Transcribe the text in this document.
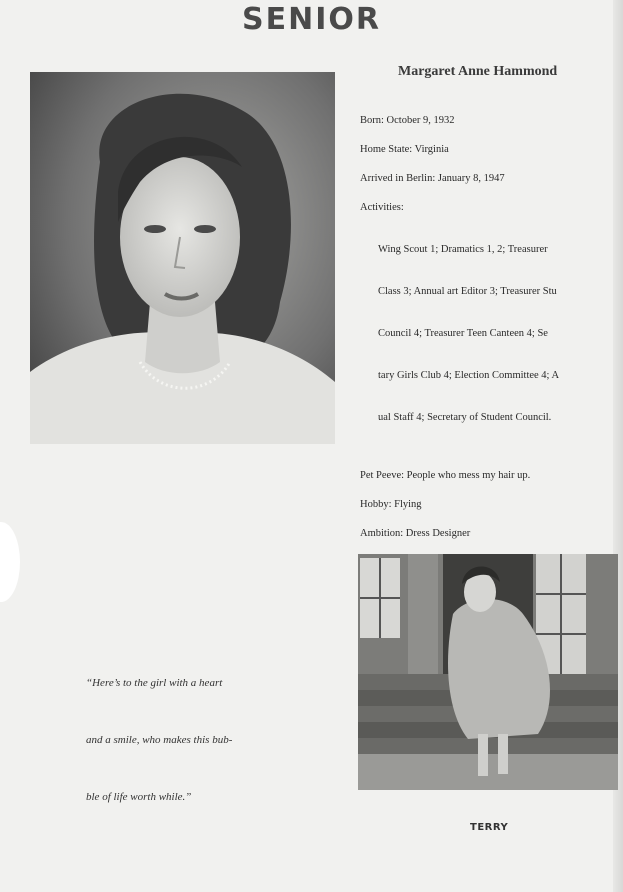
SENIOR
Margaret Anne Hammond
Born: October 9, 1932
Home State: Virginia
Arrived in Berlin: January 8, 1947
Activities:

Wing Scout 1; Dramatics 1, 2; Treasurer

Class 3; Annual art Editor 3; Treasurer Stu

Council 4; Treasurer Teen Canteen 4; Se

tary Girls Club 4; Election Committee 4; A

ual Staff 4; Secretary of Student Council.

Pet Peeve: People who mess my hair up.
Hobby: Flying
Ambition: Dress Designer

“Here’s to the girl with a heart

and a smile, who makes this bub-

ble of life worth while.”

TERRY
